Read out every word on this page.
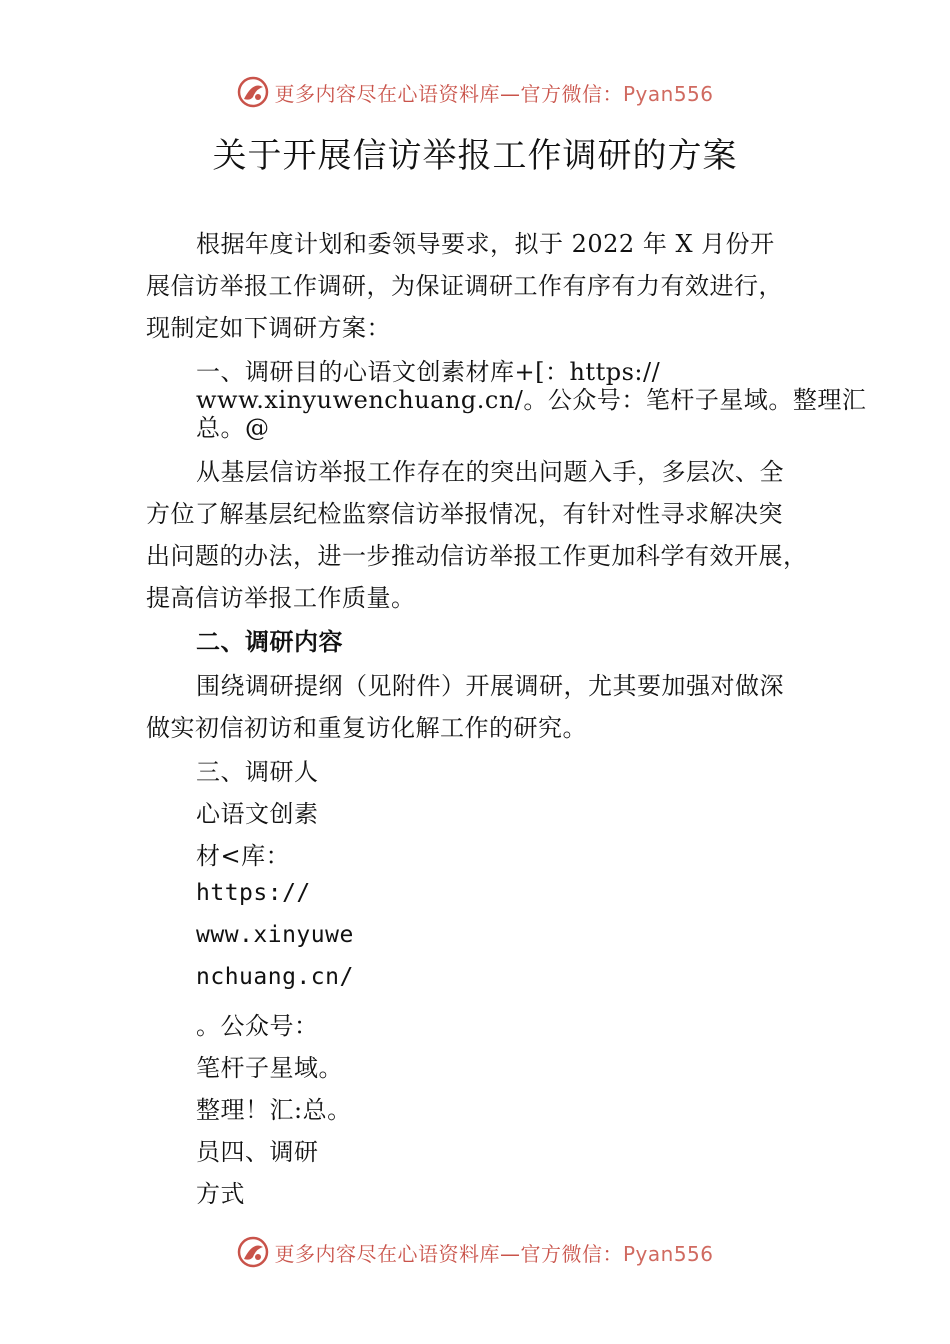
更多内容尽在心语资料库—官方微信：Pyan556
关于开展信访举报工作调研的方案
根据年度计划和委领导要求，拟于 2022 年 X 月份开
展信访举报工作调研，为保证调研工作有序有力有效进行，
现制定如下调研方案：
一、调研目的心语文创素材库+[：https://
www.xinyuwenchuang.cn/。公众号：笔杆子星域。整理汇
总。@
从基层信访举报工作存在的突出问题入手，多层次、全
方位了解基层纪检监察信访举报情况，有针对性寻求解决突
出问题的办法，进一步推动信访举报工作更加科学有效开展，
提高信访举报工作质量。
二、调研内容
围绕调研提纲（见附件）开展调研，尤其要加强对做深
做实初信初访和重复访化解工作的研究。
三、调研人
心语文创素
材<库：
https://
www.xinyuwe
nchuang.cn/
。公众号：
笔杆子星域。
整理！汇:总。
员四、调研
方式
更多内容尽在心语资料库—官方微信：Pyan556
